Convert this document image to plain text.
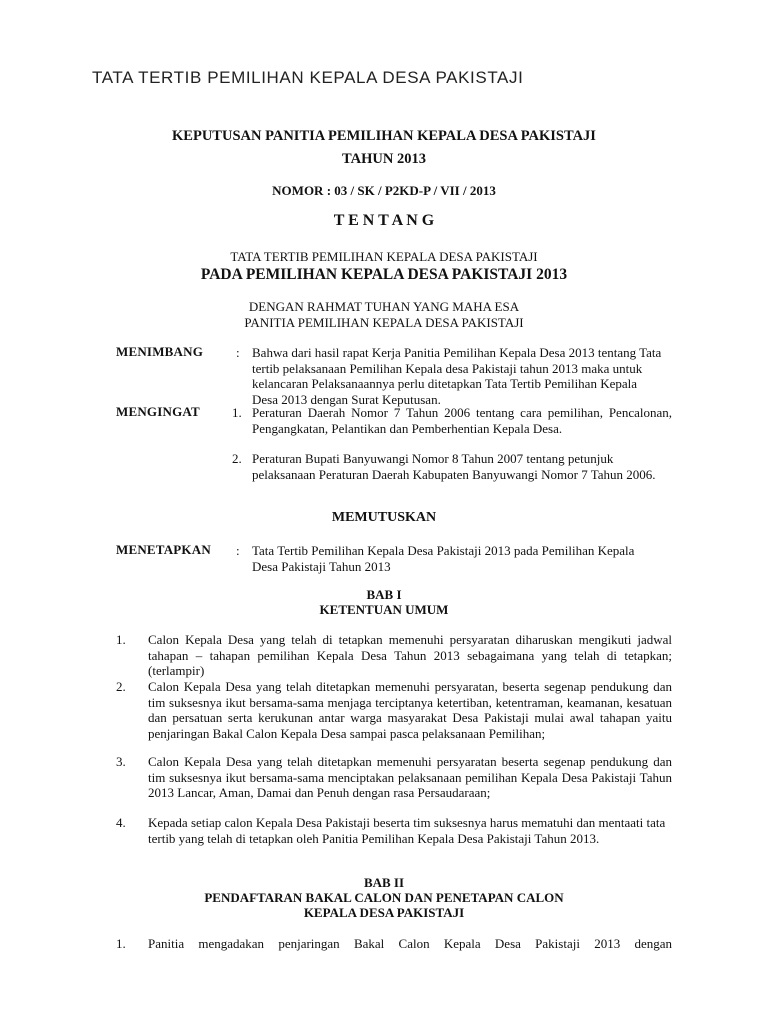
TATA TERTIB PEMILIHAN KEPALA DESA PAKISTAJI
KEPUTUSAN PANITIA PEMILIHAN KEPALA DESA PAKISTAJI
TAHUN 2013
NOMOR : 03 / SK / P2KD-P / VII / 2013
T E N T A N G
TATA TERTIB PEMILIHAN KEPALA DESA PAKISTAJI
PADA PEMILIHAN KEPALA DESA PAKISTAJI 2013
DENGAN RAHMAT TUHAN YANG MAHA ESA
PANITIA PEMILIHAN KEPALA DESA PAKISTAJI
MENIMBANG	: Bahwa dari hasil rapat Kerja Panitia Pemilihan Kepala Desa 2013 tentang Tata tertib pelaksanaan Pemilihan Kepala desa Pakistaji tahun 2013 maka untuk kelancaran Pelaksanaannya perlu ditetapkan Tata Tertib Pemilihan Kepala Desa 2013 dengan Surat Keputusan.
MENGINGAT 1. Peraturan Daerah Nomor 7 Tahun 2006 tentang cara pemilihan, Pencalonan, Pengangkatan, Pelantikan dan Pemberhentian Kepala Desa.
2. Peraturan Bupati Banyuwangi Nomor 8 Tahun 2007 tentang petunjuk pelaksanaan Peraturan Daerah Kabupaten Banyuwangi Nomor 7 Tahun 2006.
MEMUTUSKAN
MENETAPKAN : Tata Tertib Pemilihan Kepala Desa Pakistaji 2013 pada Pemilihan Kepala Desa Pakistaji Tahun 2013
BAB I
KETENTUAN UMUM
1. Calon Kepala Desa yang telah di tetapkan memenuhi persyaratan diharuskan mengikuti jadwal tahapan – tahapan pemilihan Kepala Desa Tahun 2013 sebagaimana yang telah di tetapkan; (terlampir)
2. Calon Kepala Desa yang telah ditetapkan memenuhi persyaratan, beserta segenap pendukung dan tim suksesnya ikut bersama-sama menjaga terciptanya ketertiban, ketentraman, keamanan, kesatuan dan persatuan serta kerukunan antar warga masyarakat Desa Pakistaji mulai awal tahapan yaitu penjaringan Bakal Calon Kepala Desa sampai pasca pelaksanaan Pemilihan;
3. Calon Kepala Desa yang telah ditetapkan memenuhi persyaratan beserta segenap pendukung dan tim suksesnya ikut bersama-sama menciptakan pelaksanaan pemilihan Kepala Desa Pakistaji Tahun 2013 Lancar, Aman, Damai dan Penuh dengan rasa Persaudaraan;
4. Kepada setiap calon Kepala Desa Pakistaji beserta tim suksesnya harus mematuhi dan mentaati tata tertib yang telah di tetapkan oleh Panitia Pemilihan Kepala Desa Pakistaji Tahun 2013.
BAB II
PENDAFTARAN BAKAL CALON DAN PENETAPAN CALON
KEPALA DESA PAKISTAJI
1. Panitia mengadakan penjaringan Bakal Calon Kepala Desa Pakistaji 2013 dengan
